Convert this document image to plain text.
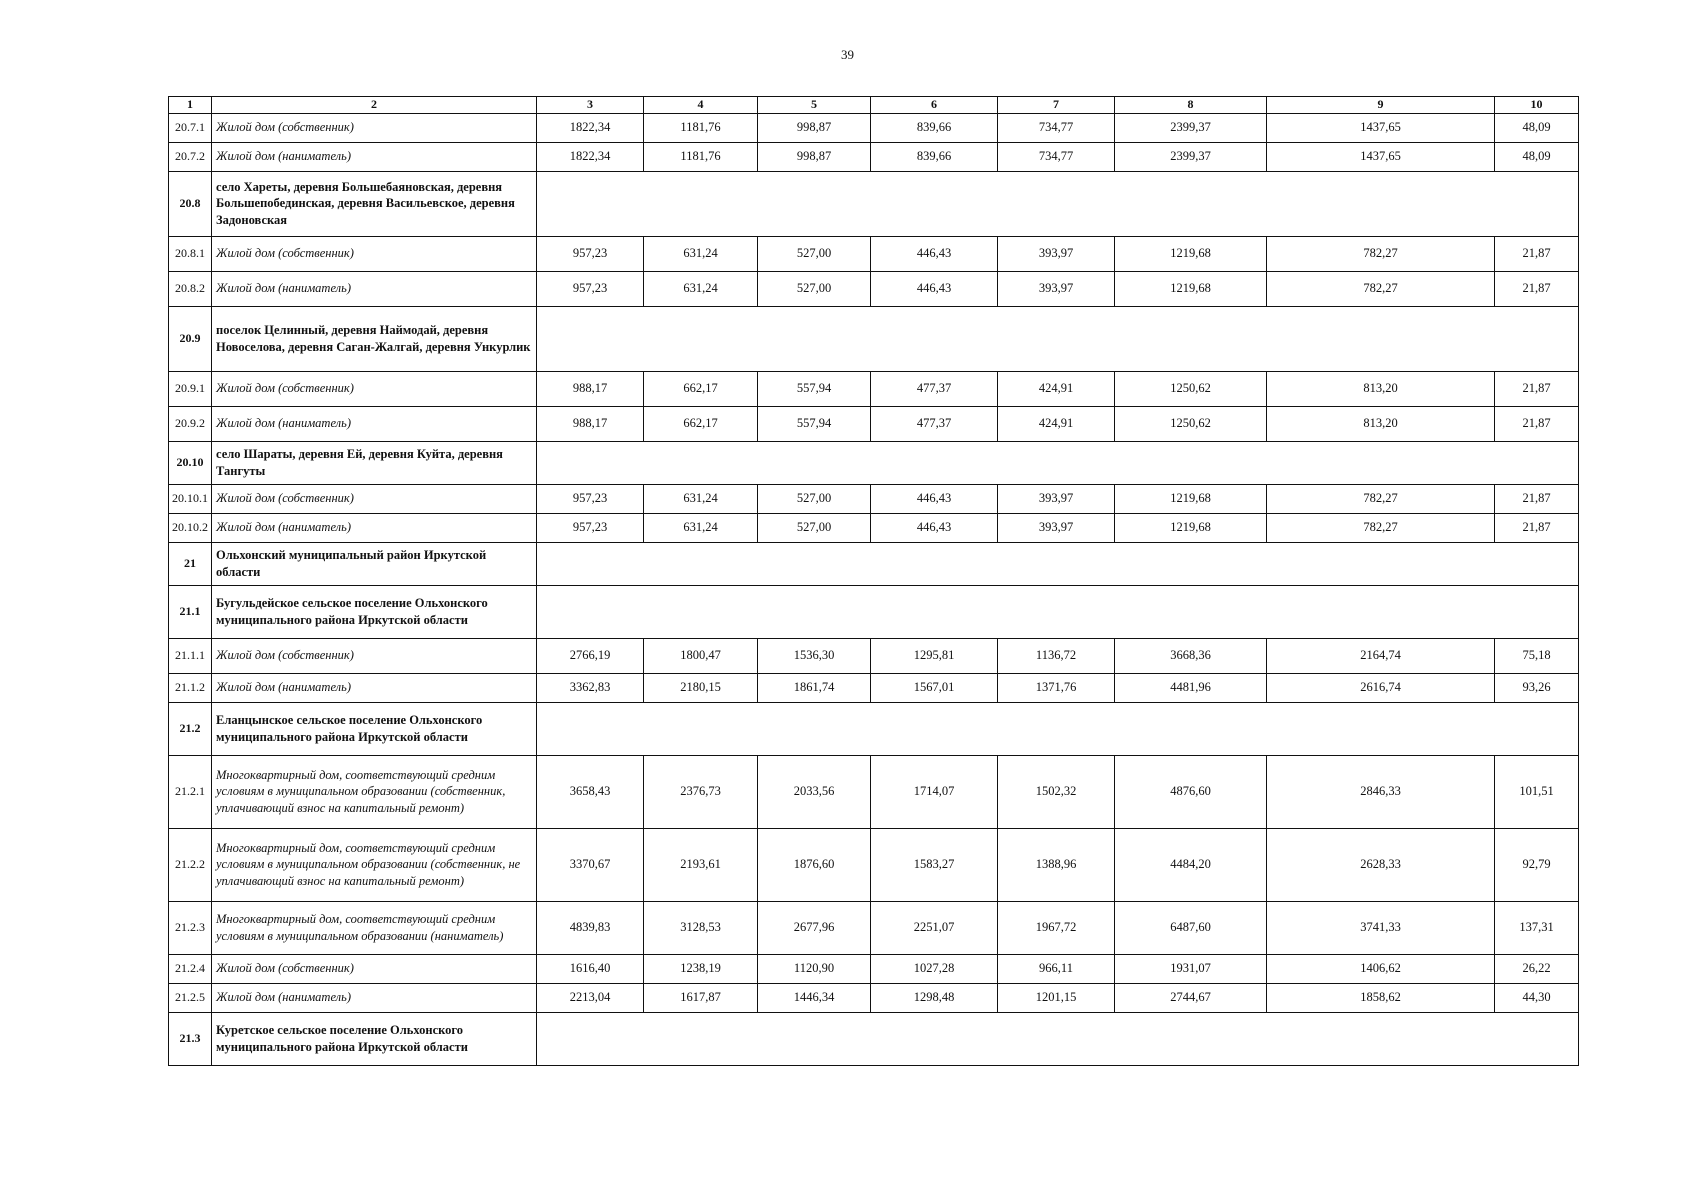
39
1	2	3	4	5	6	7	8	9	10
20.7.1	Жилой дом (собственник)	1822,34	1181,76	998,87	839,66	734,77	2399,37	1437,65	48,09
20.7.2	Жилой дом (наниматель)	1822,34	1181,76	998,87	839,66	734,77	2399,37	1437,65	48,09
20.8	село Хареты, деревня Большебаяновская, деревня Большепобединская, деревня Васильевское, деревня Задоновская								
20.8.1	Жилой дом (собственник)	957,23	631,24	527,00	446,43	393,97	1219,68	782,27	21,87
20.8.2	Жилой дом (наниматель)	957,23	631,24	527,00	446,43	393,97	1219,68	782,27	21,87
20.9	поселок Целинный, деревня Наймодай, деревня Новоселова, деревня Саган-Жалгай, деревня Ункурлик								
20.9.1	Жилой дом (собственник)	988,17	662,17	557,94	477,37	424,91	1250,62	813,20	21,87
20.9.2	Жилой дом (наниматель)	988,17	662,17	557,94	477,37	424,91	1250,62	813,20	21,87
20.10	село Шараты, деревня Ей, деревня Куйта, деревня Тангуты								
20.10.1	Жилой дом (собственник)	957,23	631,24	527,00	446,43	393,97	1219,68	782,27	21,87
20.10.2	Жилой дом (наниматель)	957,23	631,24	527,00	446,43	393,97	1219,68	782,27	21,87
21	Ольхонский муниципальный район Иркутской области								
21.1	Бугульдейское сельское поселение Ольхонского муниципального района Иркутской области								
21.1.1	Жилой дом (собственник)	2766,19	1800,47	1536,30	1295,81	1136,72	3668,36	2164,74	75,18
21.1.2	Жилой дом (наниматель)	3362,83	2180,15	1861,74	1567,01	1371,76	4481,96	2616,74	93,26
21.2	Еланцынское сельское поселение Ольхонского муниципального района Иркутской области								
21.2.1	Многоквартирный дом, соответствующий средним условиям в муниципальном образовании (собственник, уплачивающий взнос на капитальный ремонт)	3658,43	2376,73	2033,56	1714,07	1502,32	4876,60	2846,33	101,51
21.2.2	Многоквартирный дом, соответствующий средним условиям в муниципальном образовании (собственник, не уплачивающий взнос на капитальный ремонт)	3370,67	2193,61	1876,60	1583,27	1388,96	4484,20	2628,33	92,79
21.2.3	Многоквартирный дом, соответствующий средним условиям в муниципальном образовании (наниматель)	4839,83	3128,53	2677,96	2251,07	1967,72	6487,60	3741,33	137,31
21.2.4	Жилой дом (собственник)	1616,40	1238,19	1120,90	1027,28	966,11	1931,07	1406,62	26,22
21.2.5	Жилой дом (наниматель)	2213,04	1617,87	1446,34	1298,48	1201,15	2744,67	1858,62	44,30
21.3	Куретское сельское поселение Ольхонского муниципального района Иркутской области								
